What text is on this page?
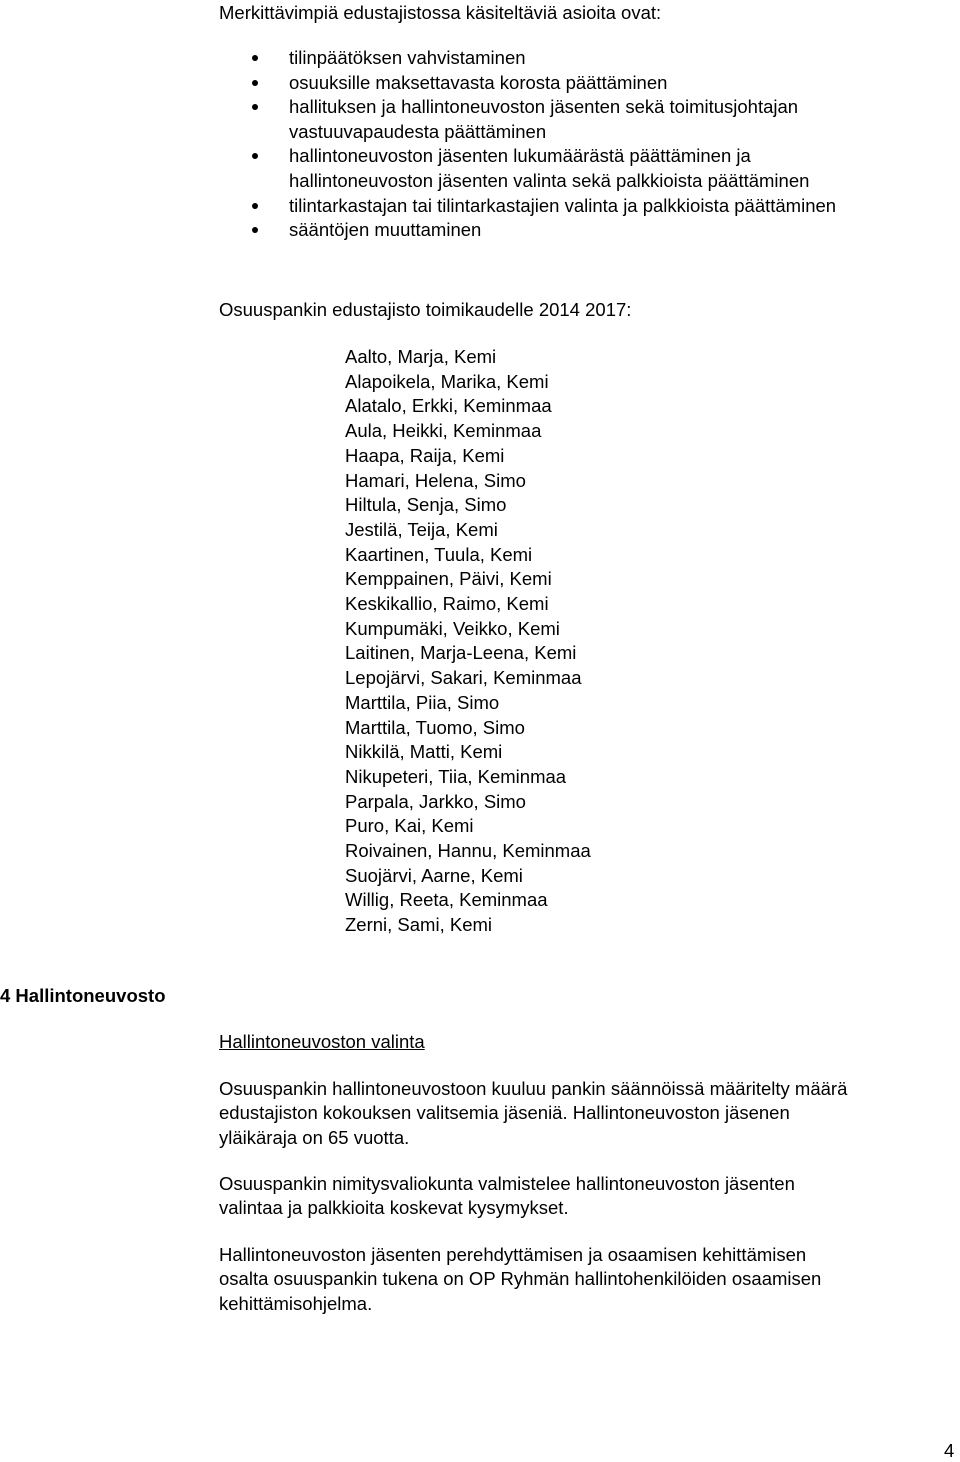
Merkittävimpiä edustajistossa käsiteltäviä asioita ovat:
tilinpäätöksen vahvistaminen
osuuksille maksettavasta korosta päättäminen
hallituksen ja hallintoneuvoston jäsenten sekä toimitusjohtajan
vastuuvapaudesta päättäminen
hallintoneuvoston jäsenten lukumäärästä päättäminen ja
hallintoneuvoston jäsenten valinta sekä palkkioista päättäminen
tilintarkastajan tai tilintarkastajien valinta ja palkkioista päättäminen
sääntöjen muuttaminen
Osuuspankin edustajisto toimikaudelle 2014 2017:
Aalto, Marja, Kemi
Alapoikela, Marika, Kemi
Alatalo, Erkki, Keminmaa
Aula, Heikki, Keminmaa
Haapa, Raija, Kemi
Hamari, Helena, Simo
Hiltula, Senja, Simo
Jestilä, Teija, Kemi
Kaartinen, Tuula, Kemi
Kemppainen, Päivi, Kemi
Keskikallio, Raimo, Kemi
Kumpumäki, Veikko, Kemi
Laitinen, Marja-Leena, Kemi
Lepojärvi, Sakari, Keminmaa
Marttila, Piia, Simo
Marttila, Tuomo, Simo
Nikkilä, Matti, Kemi
Nikupeteri, Tiia, Keminmaa
Parpala, Jarkko, Simo
Puro, Kai, Kemi
Roivainen, Hannu, Keminmaa
Suojärvi, Aarne, Kemi
Willig, Reeta, Keminmaa
Zerni, Sami, Kemi
4 Hallintoneuvosto
Hallintoneuvoston valinta

Osuuspankin hallintoneuvostoon kuuluu pankin säännöissä määritelty määrä
edustajiston kokouksen valitsemia jäseniä. Hallintoneuvoston jäsenen
yläikäraja on 65 vuotta.

Osuuspankin nimitysvaliokunta valmistelee hallintoneuvoston jäsenten
valintaa ja palkkioita koskevat kysymykset.

Hallintoneuvoston jäsenten perehdyttämisen ja osaamisen kehittämisen
osalta osuuspankin tukena on OP Ryhmän hallintohenkilöiden osaamisen
kehittämisohjelma.

4
